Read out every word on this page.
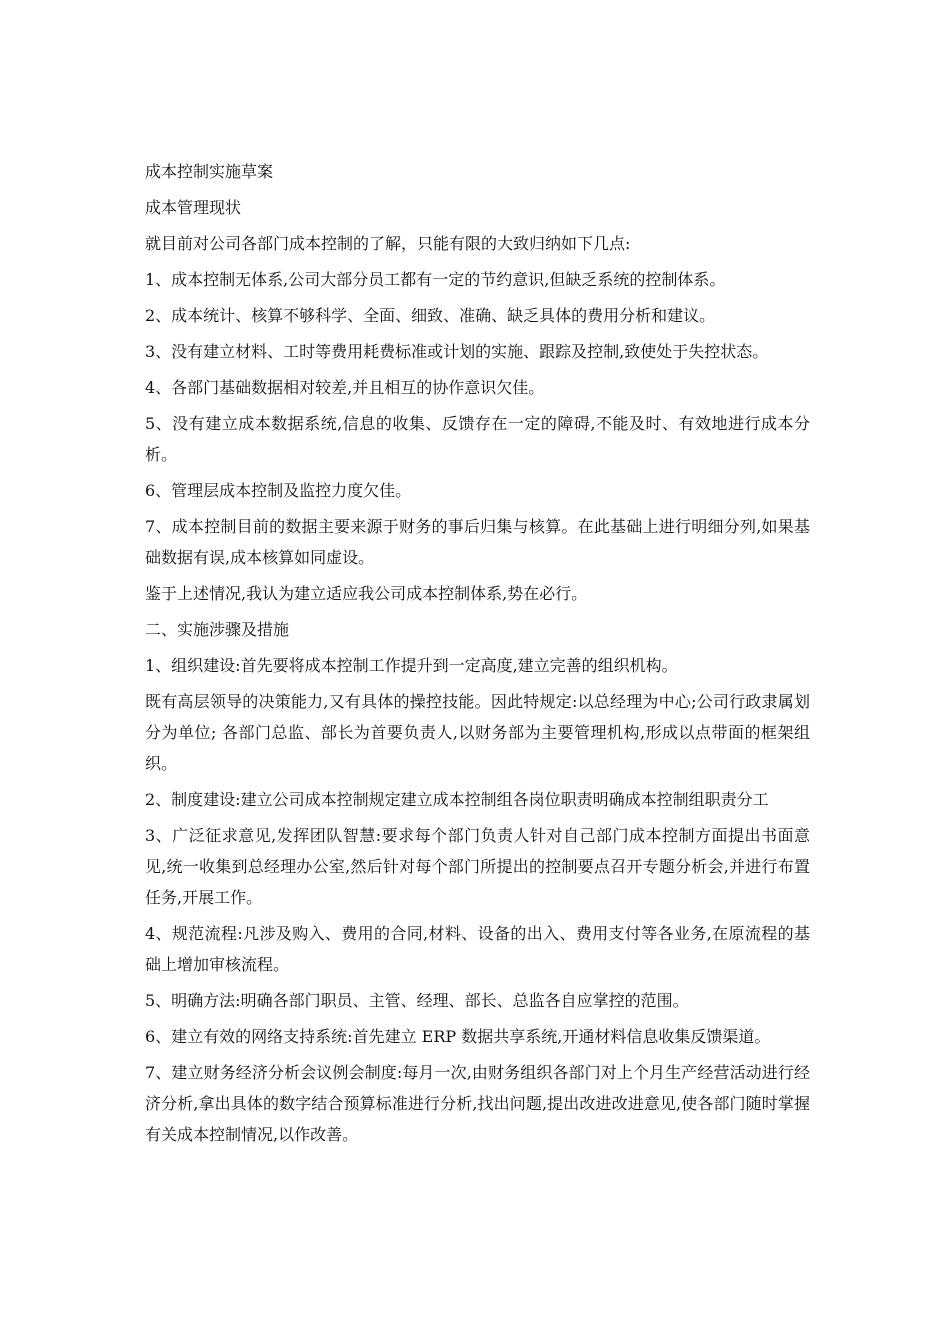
成本控制实施草案

成本管理现状

就目前对公司各部门成本控制的了解，只能有限的大致归纳如下几点:

1、成本控制无体系,公司大部分员工都有一定的节约意识,但缺乏系统的控制体系。

2、成本统计、核算不够科学、全面、细致、准确、缺乏具体的费用分析和建议。

3、没有建立材料、工时等费用耗费标准或计划的实施、跟踪及控制,致使处于失控状态。

4、各部门基础数据相对较差,并且相互的协作意识欠佳。

5、没有建立成本数据系统,信息的收集、反馈存在一定的障碍,不能及时、有效地进行成本分析。

6、管理层成本控制及监控力度欠佳。

7、成本控制目前的数据主要来源于财务的事后归集与核算。在此基础上进行明细分列,如果基础数据有误,成本核算如同虚设。

鉴于上述情况,我认为建立适应我公司成本控制体系,势在必行。

二、实施涉骤及措施

1、组织建设:首先要将成本控制工作提升到一定高度,建立完善的组织机构。

既有高层领导的决策能力,又有具体的操控技能。因此特规定:以总经理为中心;公司行政隶属划分为单位; 各部门总监、部长为首要负责人,以财务部为主要管理机构,形成以点带面的框架组织。

2、制度建设:建立公司成本控制规定建立成本控制组各岗位职责明确成本控制组职责分工

3、广泛征求意见,发挥团队智慧:要求每个部门负责人针对自己部门成本控制方面提出书面意见,统一收集到总经理办公室,然后针对每个部门所提出的控制要点召开专题分析会,并进行布置任务,开展工作。

4、规范流程:凡涉及购入、费用的合同,材料、设备的出入、费用支付等各业务,在原流程的基础上增加审核流程。

5、明确方法:明确各部门职员、主管、经理、部长、总监各自应掌控的范围。

6、建立有效的网络支持系统:首先建立 ERP 数据共享系统,开通材料信息收集反馈渠道。

7、建立财务经济分析会议例会制度:每月一次,由财务组织各部门对上个月生产经营活动进行经济分析,拿出具体的数字结合预算标准进行分析,找出问题,提出改进改进意见,使各部门随时掌握有关成本控制情况,以作改善。
